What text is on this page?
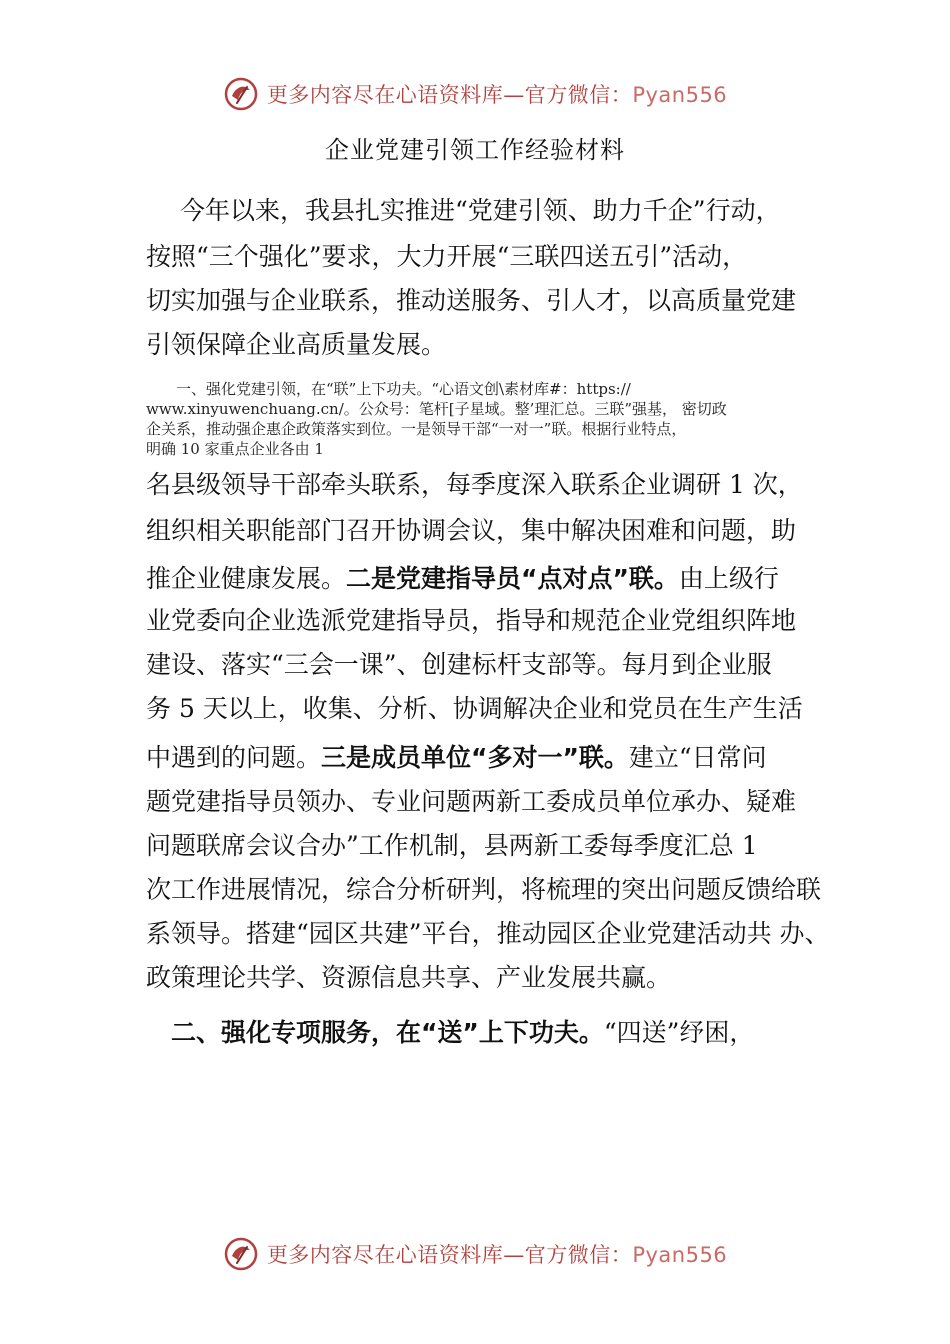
更多内容尽在心语资料库—官方微信：Pyan556
企业党建引领工作经验材料
今年以来，我县扎实推进“党建引领、助力千企”行动，
按照“三个强化”要求，大力开展“三联四送五引”活动，
切实加强与企业联系，推动送服务、引人才，以高质量党建
引领保障企业高质量发展。
　　一、强化党建引领，在“联”上下功夫。“心语文创\素材库#：https://
www.xinyuwenchuang.cn/。公众号：笔杆[子星域。整’理汇总。三联”强基， 密切政
企关系，推动强企惠企政策落实到位。一是领导干部“一对一”联。根据行业特点，
明确 10 家重点企业各由 1
名县级领导干部牵头联系，每季度深入联系企业调研 1 次，
组织相关职能部门召开协调会议，集中解决困难和问题，助
推企业健康发展。二是党建指导员“点对点”联。由上级行
业党委向企业选派党建指导员，指导和规范企业党组织阵地
建设、落实“三会一课”、创建标杆支部等。每月到企业服
务 5 天以上，收集、分析、协调解决企业和党员在生产生活
中遇到的问题。三是成员单位“多对一”联。建立“日常问
题党建指导员领办、专业问题两新工委成员单位承办、疑难
问题联席会议合办”工作机制，县两新工委每季度汇总 1
次工作进展情况，综合分析研判，将梳理的突出问题反馈给联
系领导。搭建“园区共建”平台，推动园区企业党建活动共 办、
政策理论共学、资源信息共享、产业发展共赢。
　二、强化专项服务，在“送”上下功夫。“四送”纾困，
更多内容尽在心语资料库—官方微信：Pyan556
